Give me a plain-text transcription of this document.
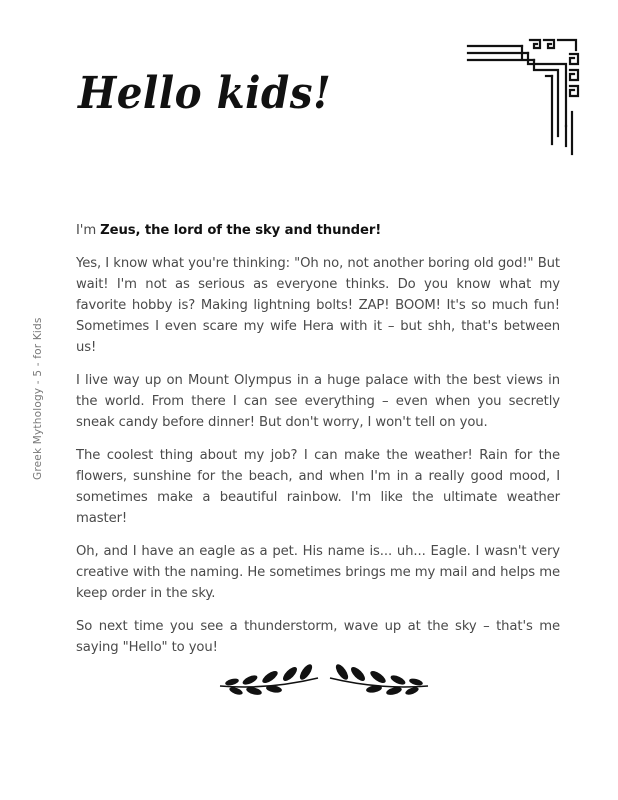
Hello kids!
Greek Mythology - 5 - for Kids

I'm Zeus, the lord of the sky and thunder!

Yes, I know what you're thinking: "Oh no, not another boring old god!" But wait! I'm not as serious as everyone thinks. Do you know what my favorite hobby is? Making lightning bolts! ZAP! BOOM! It's so much fun! Sometimes I even scare my wife Hera with it – but shh, that's between us!

I live way up on Mount Olympus in a huge palace with the best views in the world. From there I can see everything – even when you secretly sneak candy before dinner! But don't worry, I won't tell on you.

The coolest thing about my job? I can make the weather! Rain for the flowers, sunshine for the beach, and when I'm in a really good mood, I sometimes make a beautiful rainbow. I'm like the ultimate weather master!

Oh, and I have an eagle as a pet. His name is... uh... Eagle. I wasn't very creative with the naming. He sometimes brings me my mail and helps me keep order in the sky.

So next time you see a thunderstorm, wave up at the sky – that's me saying "Hello" to you!
